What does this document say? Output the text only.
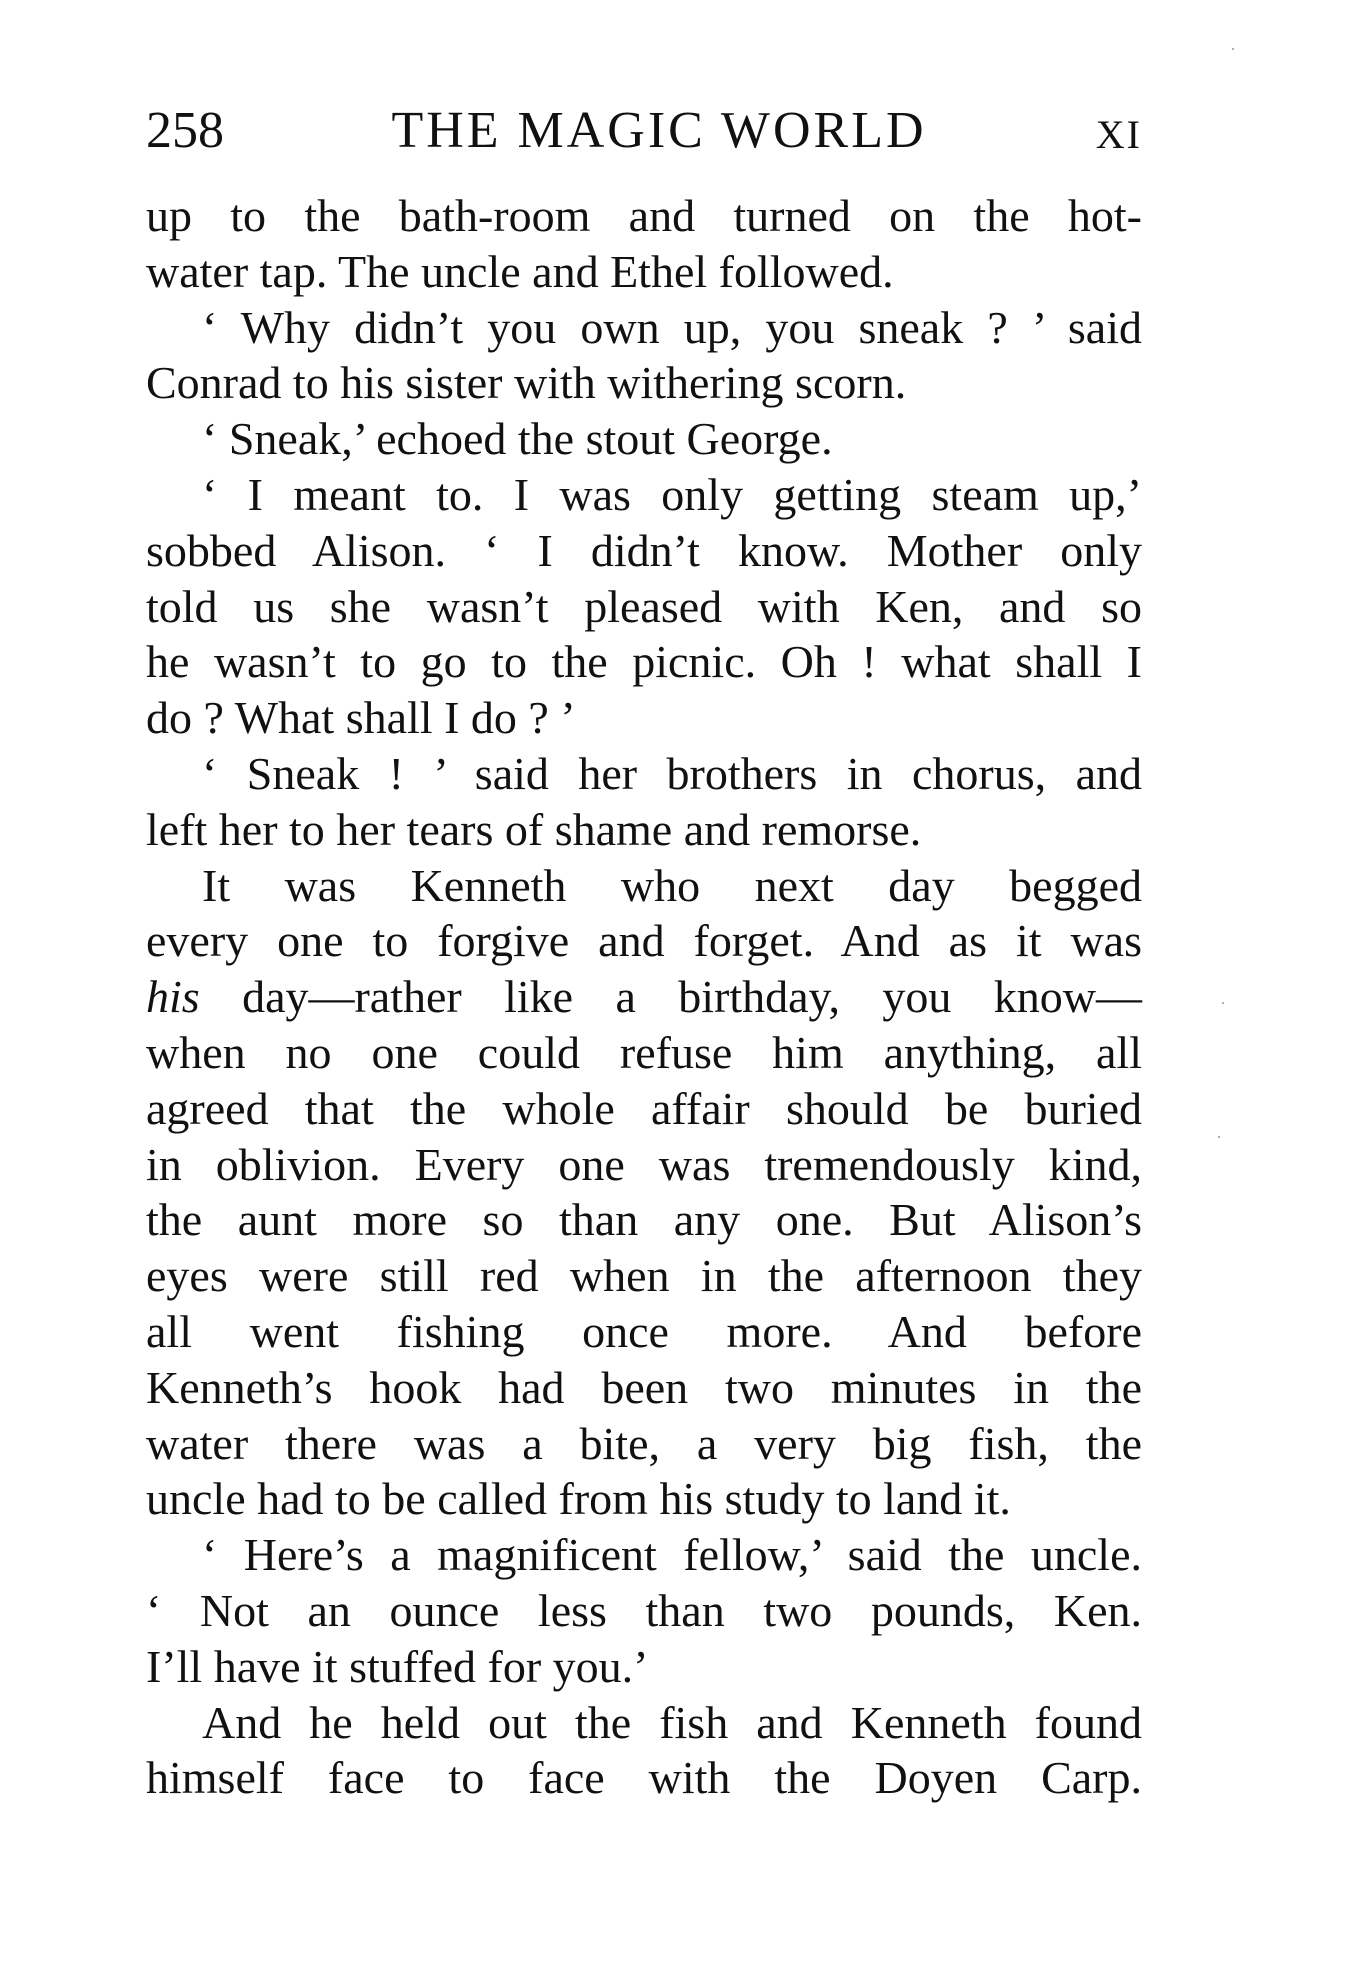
258	THE MAGIC WORLD	XI
up to the bath-room and turned on the hot-
water tap. The uncle and Ethel followed.
‘ Why didn’t you own up, you sneak ? ’ said
Conrad to his sister with withering scorn.
‘ Sneak,’ echoed the stout George.
‘ I meant to. I was only getting steam up,’
sobbed Alison. ‘ I didn’t know. Mother only
told us she wasn’t pleased with Ken, and so
he wasn’t to go to the picnic. Oh ! what shall I
do ? What shall I do ? ’
‘ Sneak ! ’ said her brothers in chorus, and
left her to her tears of shame and remorse.
It was Kenneth who next day begged
every one to forgive and forget. And as it was
his day—rather like a birthday, you know—
when no one could refuse him anything, all
agreed that the whole affair should be buried
in oblivion. Every one was tremendously kind,
the aunt more so than any one. But Alison’s
eyes were still red when in the afternoon they
all went fishing once more. And before
Kenneth’s hook had been two minutes in the
water there was a bite, a very big fish, the
uncle had to be called from his study to land it.
‘ Here’s a magnificent fellow,’ said the uncle.
‘ Not an ounce less than two pounds, Ken.
I’ll have it stuffed for you.’
And he held out the fish and Kenneth found
himself face to face with the Doyen Carp.
